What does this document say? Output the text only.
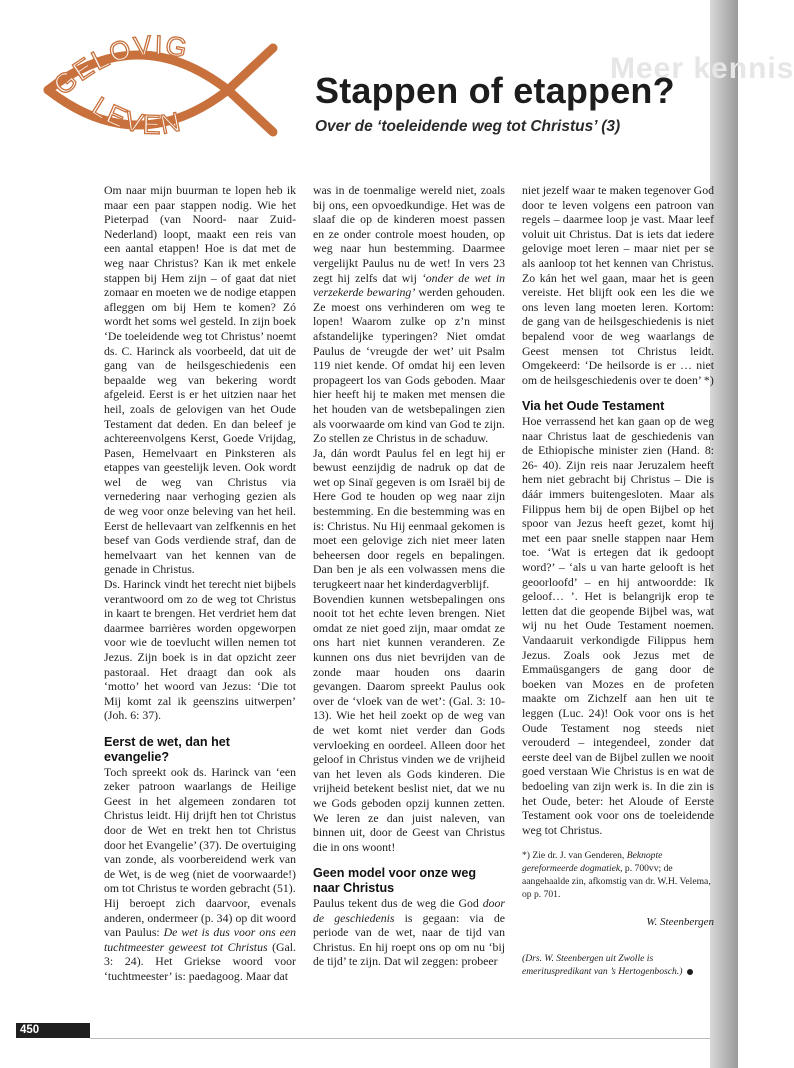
Meer kennis
GELOVIG
LEVEN
Stappen of etappen?
Over de ‘toeleidende weg tot Christus’ (3)

Om naar mijn buurman te lopen heb ik maar een paar stappen nodig. Wie het Pieterpad (van Noord- naar Zuid-Nederland) loopt, maakt een reis van een aantal etappen! Hoe is dat met de weg naar Christus? Kan ik met enkele stappen bij Hem zijn – of gaat dat niet zomaar en moeten we de nodige etappen afleggen om bij Hem te komen? Zó wordt het soms wel gesteld. In zijn boek ‘De toeleidende weg tot Christus’ noemt ds. C. Harinck als voorbeeld, dat uit de gang van de heilsgeschiedenis een bepaalde weg van bekering wordt afgeleid. Eerst is er het uitzien naar het heil, zoals de gelovigen van het Oude Testament dat deden. En dan beleef je achtereenvolgens Kerst, Goede Vrijdag, Pasen, Hemelvaart en Pinksteren als etappes van geestelijk leven. Ook wordt wel de weg van Christus via vernedering naar verhoging gezien als de weg voor onze beleving van het heil. Eerst de hellevaart van zelfkennis en het besef van Gods verdiende straf, dan de hemelvaart van het kennen van de genade in Christus.

Ds. Harinck vindt het terecht niet bijbels verantwoord om zo de weg tot Christus in kaart te brengen. Het verdriet hem dat daarmee barrières worden opgeworpen voor wie de toevlucht willen nemen tot Jezus. Zijn boek is in dat opzicht zeer pastoraal. Het draagt dan ook als ‘motto’ het woord van Jezus: ‘Die tot Mij komt zal ik geenszins uitwerpen’ (Joh. 6: 37).

Eerst de wet, dan het evangelie?

Toch spreekt ook ds. Harinck van ‘een zeker patroon waarlangs de Heilige Geest in het algemeen zondaren tot Christus leidt. Hij drijft hen tot Christus door de Wet en trekt hen tot Christus door het Evangelie’ (37). De overtuiging van zonde, als voorbereidend werk van de Wet, is de weg (niet de voorwaarde!) om tot Christus te worden gebracht (51).

Hij beroept zich daarvoor, evenals anderen, ondermeer (p. 34) op dit woord van Paulus: De wet is dus voor ons een tuchtmeester geweest tot Christus (Gal. 3: 24). Het Griekse woord voor ‘tuchtmeester’ is: paedagoog. Maar dat

was in de toenmalige wereld niet, zoals bij ons, een opvoedkundige. Het was de slaaf die op de kinderen moest passen en ze onder controle moest houden, op weg naar hun bestemming. Daarmee vergelijkt Paulus nu de wet! In vers 23 zegt hij zelfs dat wij ‘onder de wet in verzekerde bewaring’ werden gehouden. Ze moest ons verhinderen om weg te lopen! Waarom zulke op z’n minst afstandelijke typeringen? Niet omdat Paulus de ‘vreugde der wet’ uit Psalm 119 niet kende. Of omdat hij een leven propageert los van Gods geboden. Maar hier heeft hij te maken met mensen die het houden van de wetsbepalingen zien als voorwaarde om kind van God te zijn. Zo stellen ze Christus in de schaduw.

Ja, dán wordt Paulus fel en legt hij er bewust eenzijdig de nadruk op dat de wet op Sinaï gegeven is om Israël bij de Here God te houden op weg naar zijn bestemming. En die bestemming was en is: Christus. Nu Hij eenmaal gekomen is moet een gelovige zich niet meer laten beheersen door regels en bepalingen. Dan ben je als een volwassen mens die terugkeert naar het kinderdagverblijf.

Bovendien kunnen wetsbepalingen ons nooit tot het echte leven brengen. Niet omdat ze niet goed zijn, maar omdat ze ons hart niet kunnen veranderen. Ze kunnen ons dus niet bevrijden van de zonde maar houden ons daarin gevangen. Daarom spreekt Paulus ook over de ‘vloek van de wet’: (Gal. 3: 10- 13). Wie het heil zoekt op de weg van de wet komt niet verder dan Gods vervloeking en oordeel. Alleen door het geloof in Christus vinden we de vrijheid van het leven als Gods kinderen. Die vrijheid betekent beslist niet, dat we nu we Gods geboden opzij kunnen zetten. We leren ze dan juist naleven, van binnen uit, door de Geest van Christus die in ons woont!

Geen model voor onze weg naar Christus

Paulus tekent dus de weg die God door de geschiedenis is gegaan: via de periode van de wet, naar de tijd van Christus. En hij roept ons op om nu ‘bij de tijd’ te zijn. Dat wil zeggen: probeer

niet jezelf waar te maken tegenover God door te leven volgens een patroon van regels – daarmee loop je vast. Maar leef voluit uit Christus. Dat is iets dat iedere gelovige moet leren – maar niet per se als aanloop tot het kennen van Christus. Zo kán het wel gaan, maar het is geen vereiste. Het blijft ook een les die we ons leven lang moeten leren. Kortom: de gang van de heilsgeschiedenis is niet bepalend voor de weg waarlangs de Geest mensen tot Christus leidt. Omgekeerd: ‘De heilsorde is er … niet om de heilsgeschiedenis over te doen’ *)

Via het Oude Testament

Hoe verrassend het kan gaan op de weg naar Christus laat de geschiedenis van de Ethiopische minister zien (Hand. 8: 26- 40). Zijn reis naar Jeruzalem heeft hem niet gebracht bij Christus – Die is dáár immers buitengesloten. Maar als Filippus hem bij de open Bijbel op het spoor van Jezus heeft gezet, komt hij met een paar snelle stappen naar Hem toe. ‘Wat is ertegen dat ik gedoopt word?’ – ‘als u van harte gelooft is het geoorloofd’ – en hij antwoordde: Ik geloof… ’. Het is belangrijk erop te letten dat die geopende Bijbel was, wat wij nu het Oude Testament noemen. Vandaaruit verkondigde Filippus hem Jezus. Zoals ook Jezus met de Emmaüsgangers de gang door de boeken van Mozes en de profeten maakte om Zichzelf aan hen uit te leggen (Luc. 24)! Ook voor ons is het Oude Testament nog steeds niet verouderd – integendeel, zonder dat eerste deel van de Bijbel zullen we nooit goed verstaan Wie Christus is en wat de bedoeling van zijn werk is. In die zin is het Oude, beter: het Aloude of Eerste Testament ook voor ons de toeleidende weg tot Christus.

*) Zie dr. J. van Genderen, Beknopte gereformeerde dogmatiek, p. 700vv; de aangehaalde zin, afkomstig van dr. W.H. Velema, op p. 701.

W. Steenbergen

(Drs. W. Steenbergen uit Zwolle is emerituspredikant van ’s Hertogenbosch.)

450
